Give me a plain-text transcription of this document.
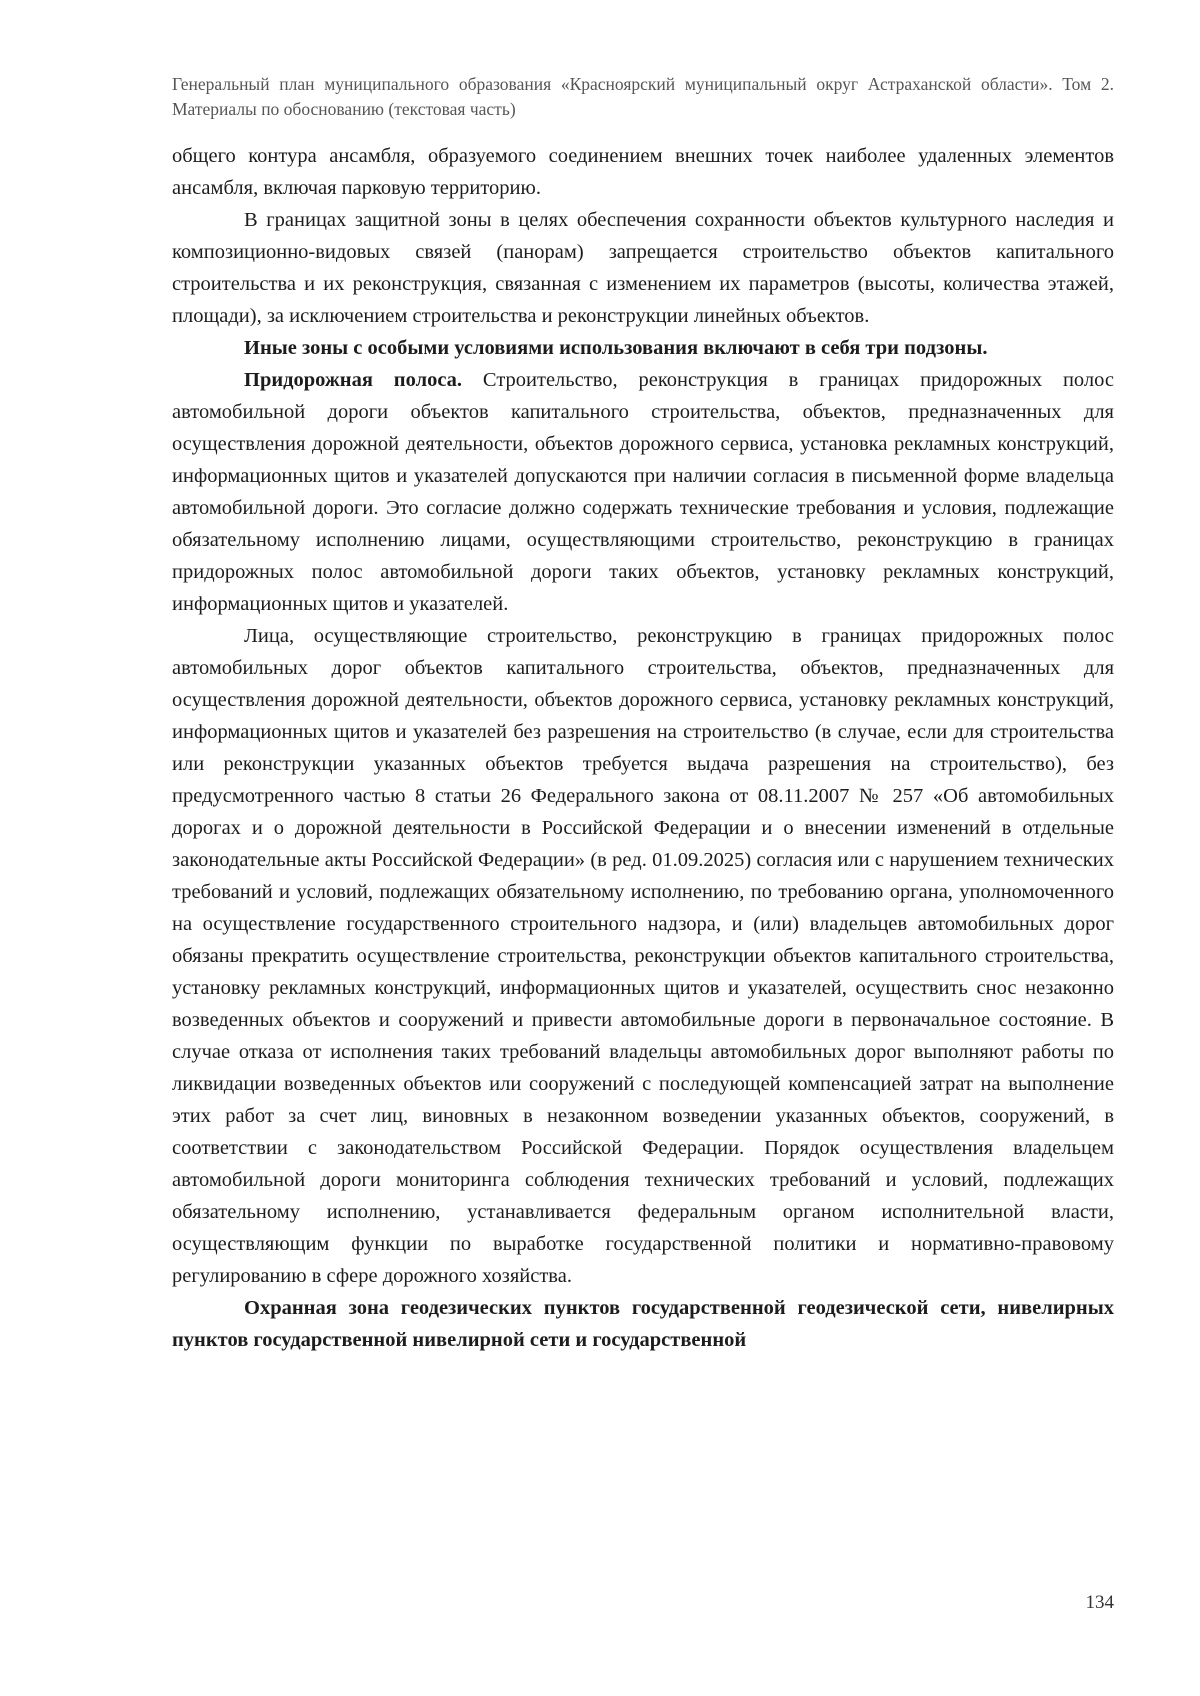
Генеральный план муниципального образования «Красноярский муниципальный округ Астраханской области». Том 2. Материалы по обоснованию (текстовая часть)

общего контура ансамбля, образуемого соединением внешних точек наиболее удаленных элементов ансамбля, включая парковую территорию.

В границах защитной зоны в целях обеспечения сохранности объектов культурного наследия и композиционно-видовых связей (панорам) запрещается строительство объектов капитального строительства и их реконструкция, связанная с изменением их параметров (высоты, количества этажей, площади), за исключением строительства и реконструкции линейных объектов.

Иные зоны с особыми условиями использования включают в себя три подзоны.

Придорожная полоса. Строительство, реконструкция в границах придорожных полос автомобильной дороги объектов капитального строительства, объектов, предназначенных для осуществления дорожной деятельности, объектов дорожного сервиса, установка рекламных конструкций, информационных щитов и указателей допускаются при наличии согласия в письменной форме владельца автомобильной дороги. Это согласие должно содержать технические требования и условия, подлежащие обязательному исполнению лицами, осуществляющими строительство, реконструкцию в границах придорожных полос автомобильной дороги таких объектов, установку рекламных конструкций, информационных щитов и указателей.

Лица, осуществляющие строительство, реконструкцию в границах придорожных полос автомобильных дорог объектов капитального строительства, объектов, предназначенных для осуществления дорожной деятельности, объектов дорожного сервиса, установку рекламных конструкций, информационных щитов и указателей без разрешения на строительство (в случае, если для строительства или реконструкции указанных объектов требуется выдача разрешения на строительство), без предусмотренного частью 8 статьи 26 Федерального закона от 08.11.2007 № 257 «Об автомобильных дорогах и о дорожной деятельности в Российской Федерации и о внесении изменений в отдельные законодательные акты Российской Федерации» (в ред. 01.09.2025) согласия или с нарушением технических требований и условий, подлежащих обязательному исполнению, по требованию органа, уполномоченного на осуществление государственного строительного надзора, и (или) владельцев автомобильных дорог обязаны прекратить осуществление строительства, реконструкции объектов капитального строительства, установку рекламных конструкций, информационных щитов и указателей, осуществить снос незаконно возведенных объектов и сооружений и привести автомобильные дороги в первоначальное состояние. В случае отказа от исполнения таких требований владельцы автомобильных дорог выполняют работы по ликвидации возведенных объектов или сооружений с последующей компенсацией затрат на выполнение этих работ за счет лиц, виновных в незаконном возведении указанных объектов, сооружений, в соответствии с законодательством Российской Федерации. Порядок осуществления владельцем автомобильной дороги мониторинга соблюдения технических требований и условий, подлежащих обязательному исполнению, устанавливается федеральным органом исполнительной власти, осуществляющим функции по выработке государственной политики и нормативно-правовому регулированию в сфере дорожного хозяйства.

Охранная зона геодезических пунктов государственной геодезической сети, нивелирных пунктов государственной нивелирной сети и государственной

134
